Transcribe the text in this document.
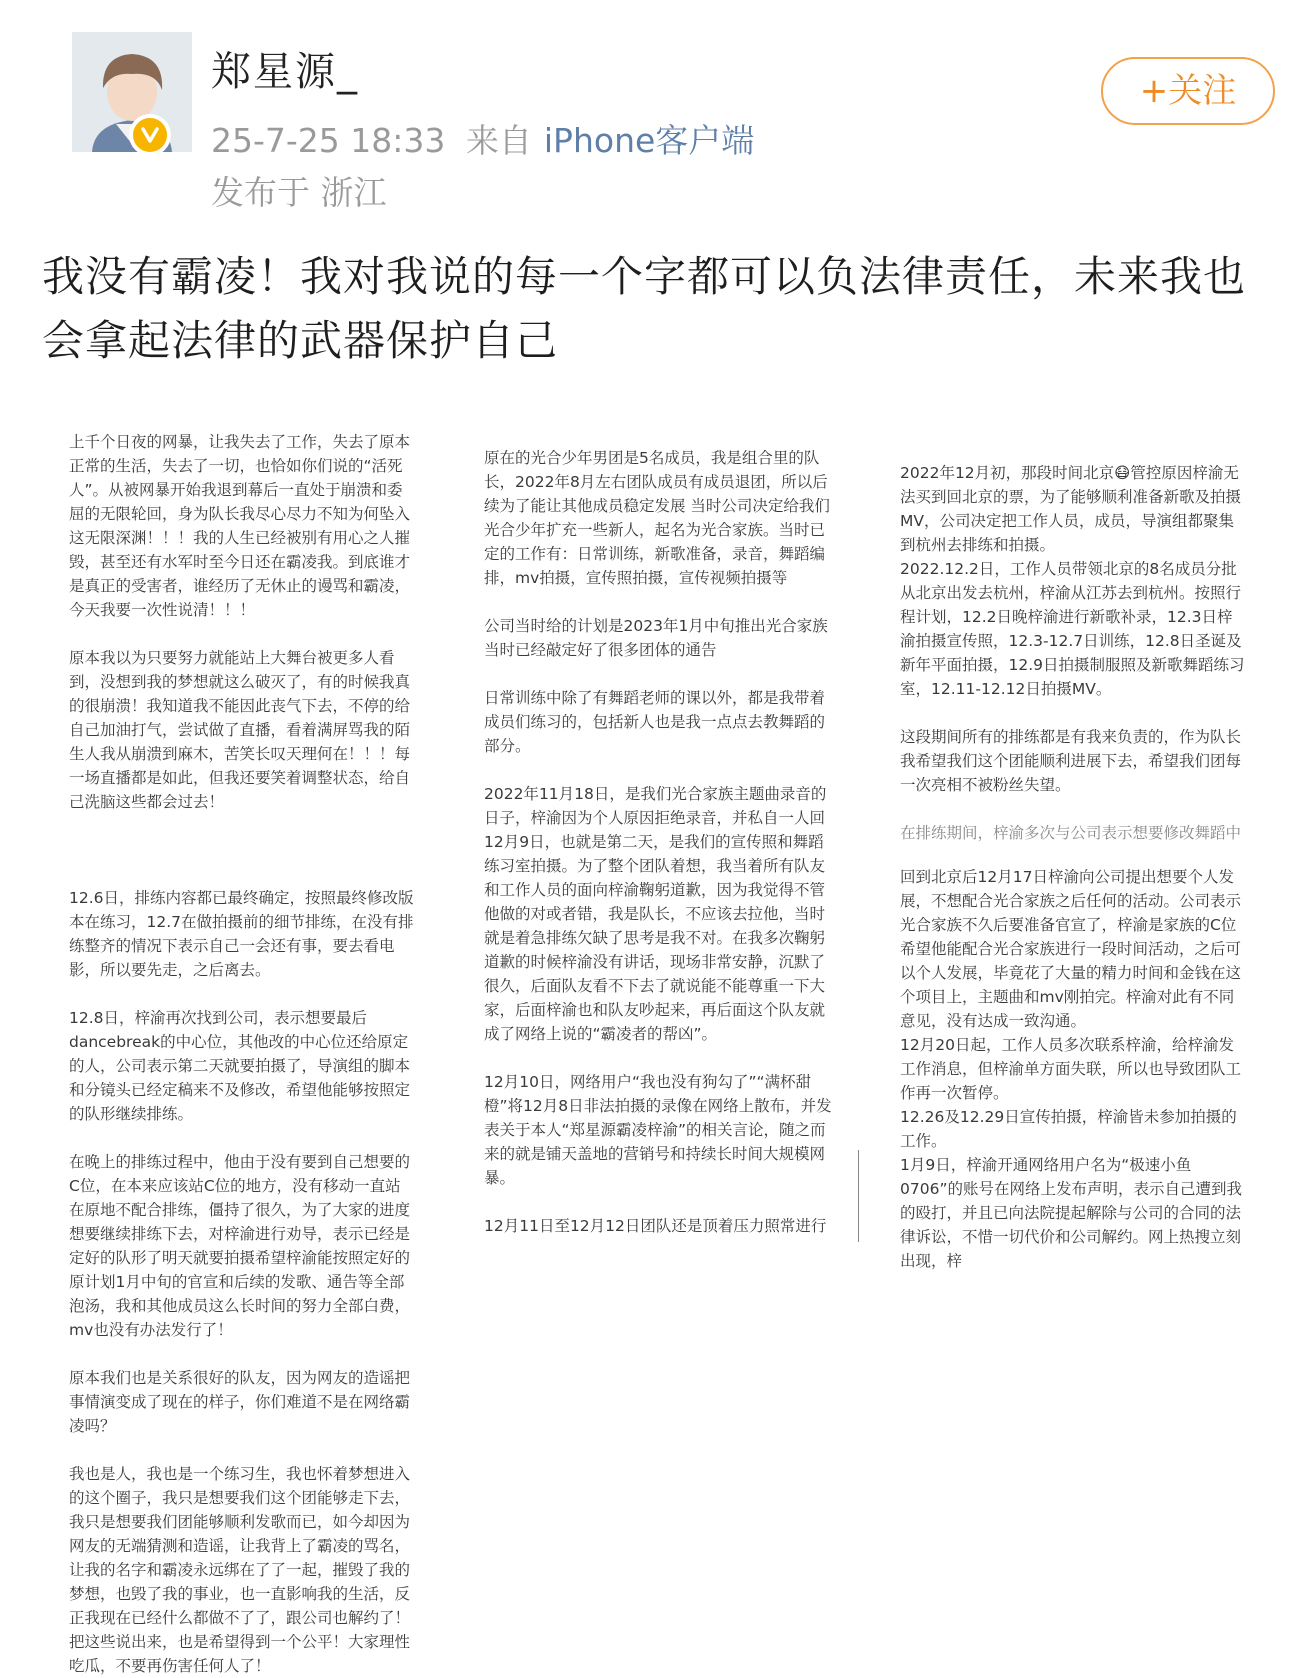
郑星源_
25-7-25 18:33 来自 iPhone客户端
发布于 浙江
+关注
我没有霸凌！我对我说的每一个字都可以负法律责任，未来我也会拿起法律的武器保护自己

上千个日夜的网暴，让我失去了工作，失去了原本正常的生活，失去了一切，也恰如你们说的“活死人”。从被网暴开始我退到幕后一直处于崩溃和委屈的无限轮回，身为队长我尽心尽力不知为何坠入这无限深渊！！！我的人生已经被别有用心之人摧毁，甚至还有水军时至今日还在霸凌我。到底谁才是真正的受害者，谁经历了无休止的谩骂和霸凌，今天我要一次性说清！！！

原本我以为只要努力就能站上大舞台被更多人看到，没想到我的梦想就这么破灭了，有的时候我真的很崩溃！我知道我不能因此丧气下去，不停的给自己加油打气，尝试做了直播，看着满屏骂我的陌生人我从崩溃到麻木，苦笑长叹天理何在！！！每一场直播都是如此，但我还要笑着调整状态，给自己洗脑这些都会过去！

12.6日，排练内容都已最终确定，按照最终修改版本在练习，12.7在做拍摄前的细节排练，在没有排练整齐的情况下表示自己一会还有事，要去看电影，所以要先走，之后离去。

12.8日，梓渝再次找到公司，表示想要最后dancebreak的中心位，其他改的中心位还给原定的人，公司表示第二天就要拍摄了，导演组的脚本和分镜头已经定稿来不及修改，希望他能够按照定的队形继续排练。

在晚上的排练过程中，他由于没有要到自己想要的C位，在本来应该站C位的地方，没有移动一直站在原地不配合排练，僵持了很久，为了大家的进度想要继续排练下去，对梓渝进行劝导，表示已经是定好的队形了明天就要拍摄希望梓渝能按照定好的

原计划1月中旬的官宣和后续的发歌、通告等全部泡汤，我和其他成员这么长时间的努力全部白费，mv也没有办法发行了！

原本我们也是关系很好的队友，因为网友的造谣把事情演变成了现在的样子，你们难道不是在网络霸凌吗？

我也是人，我也是一个练习生，我也怀着梦想进入的这个圈子，我只是想要我们这个团能够走下去，我只是想要我们团能够顺利发歌而已，如今却因为网友的无端猜测和造谣，让我背上了霸凌的骂名，让我的名字和霸凌永远绑在了了一起，摧毁了我的梦想，也毁了我的事业，也一直影响我的生活，反正我现在已经什么都做不了了，跟公司也解约了！把这些说出来，也是希望得到一个公平！大家理性吃瓜，不要再伤害任何人了！

原在的光合少年男团是5名成员，我是组合里的队长，2022年8月左右团队成员有成员退团，所以后续为了能让其他成员稳定发展 当时公司决定给我们光合少年扩充一些新人，起名为光合家族。当时已定的工作有：日常训练，新歌准备，录音，舞蹈编排，mv拍摄，宣传照拍摄，宣传视频拍摄等

公司当时给的计划是2023年1月中旬推出光合家族当时已经敲定好了很多团体的通告

日常训练中除了有舞蹈老师的课以外，都是我带着成员们练习的，包括新人也是我一点点去教舞蹈的部分。

2022年11月18日，是我们光合家族主题曲录音的日子，梓渝因为个人原因拒绝录音，并私自一人回

12月9日，也就是第二天，是我们的宣传照和舞蹈练习室拍摄。为了整个团队着想，我当着所有队友和工作人员的面向梓渝鞠躬道歉，因为我觉得不管他做的对或者错，我是队长，不应该去拉他，当时就是着急排练欠缺了思考是我不对。在我多次鞠躬道歉的时候梓渝没有讲话，现场非常安静，沉默了很久，后面队友看不下去了就说能不能尊重一下大家，后面梓渝也和队友吵起来，再后面这个队友就成了网络上说的“霸凌者的帮凶”。

12月10日，网络用户“我也没有狗勾了”“满杯甜橙”将12月8日非法拍摄的录像在网络上散布，并发表关于本人“郑星源霸凌梓渝”的相关言论，随之而来的就是铺天盖地的营销号和持续长时间大规模网暴。

12月11日至12月12日团队还是顶着压力照常进行

2022年12月初，那段时间北京😷管控原因梓渝无法买到回北京的票，为了能够顺利准备新歌及拍摄MV，公司决定把工作人员，成员，导演组都聚集到杭州去排练和拍摄。

2022.12.2日，工作人员带领北京的8名成员分批从北京出发去杭州，梓渝从江苏去到杭州。按照行程计划，12.2日晚梓渝进行新歌补录，12.3日梓渝拍摄宣传照，12.3-12.7日训练，12.8日圣诞及新年平面拍摄，12.9日拍摄制服照及新歌舞蹈练习室，12.11-12.12日拍摄MV。

这段期间所有的排练都是有我来负责的，作为队长我希望我们这个团能顺利进展下去，希望我们团每一次亮相不被粉丝失望。

在排练期间，梓渝多次与公司表示想要修改舞蹈中

回到北京后12月17日梓渝向公司提出想要个人发展，不想配合光合家族之后任何的活动。公司表示光合家族不久后要准备官宣了，梓渝是家族的C位希望他能配合光合家族进行一段时间活动，之后可以个人发展，毕竟花了大量的精力时间和金钱在这个项目上，主题曲和mv刚拍完。梓渝对此有不同意见，没有达成一致沟通。

12月20日起，工作人员多次联系梓渝，给梓渝发工作消息，但梓渝单方面失联，所以也导致团队工作再一次暂停。

12.26及12.29日宣传拍摄，梓渝皆未参加拍摄的工作。

1月9日，梓渝开通网络用户名为“极速小鱼0706”的账号在网络上发布声明，表示自己遭到我的殴打，并且已向法院提起解除与公司的合同的法律诉讼，不惜一切代价和公司解约。网上热搜立刻出现，梓
